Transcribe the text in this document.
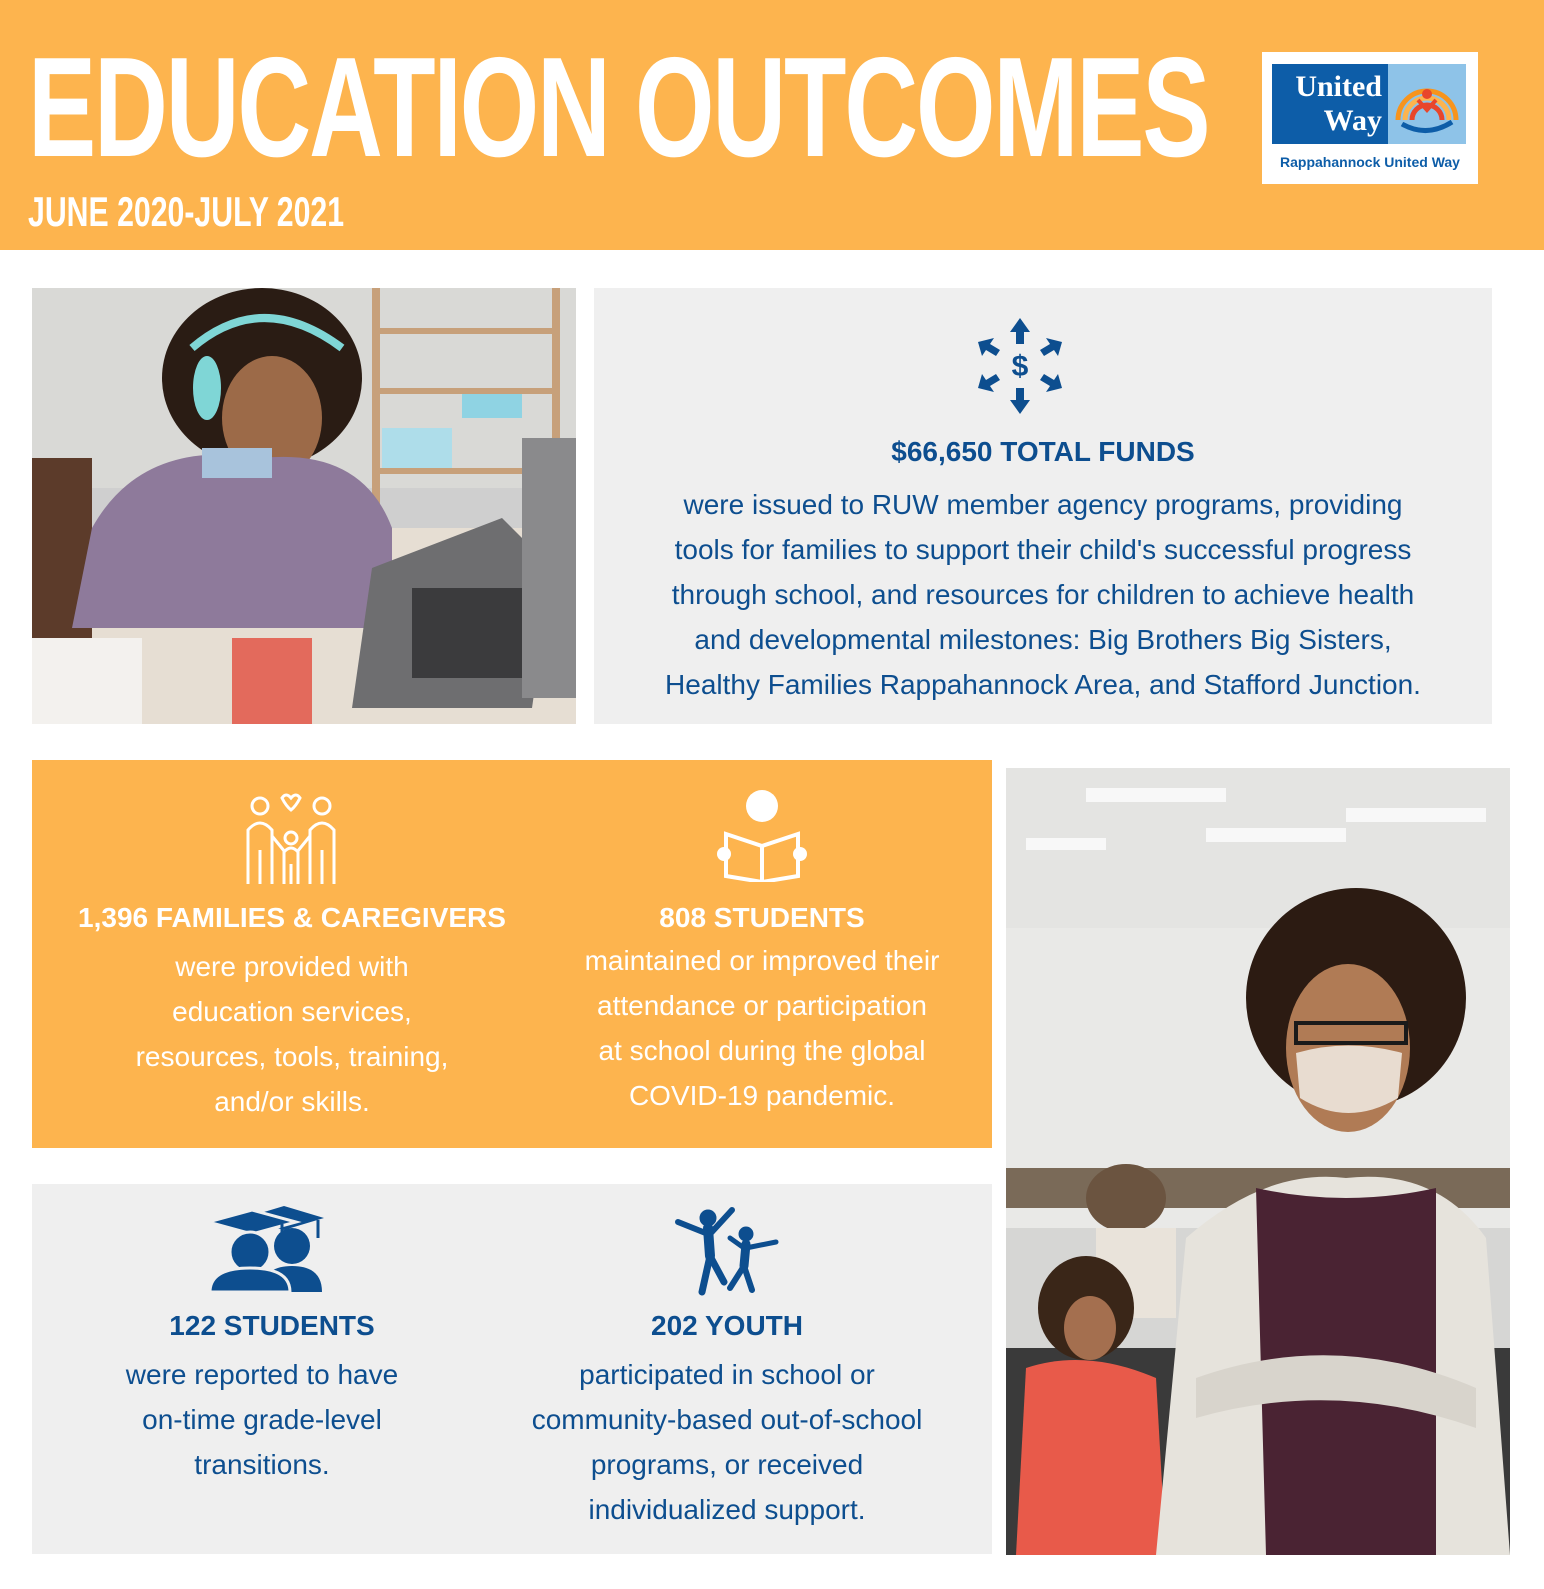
EDUCATION OUTCOMES
JUNE 2020-JULY 2021
United
Way
Rappahannock United Way
$
$66,650 TOTAL FUNDS
were issued to RUW member agency programs, providing
tools for families to support their child's successful progress
through school, and resources for children to achieve health
and developmental milestones: Big Brothers Big Sisters,
Healthy Families Rappahannock Area, and Stafford Junction.
1,396 FAMILIES & CAREGIVERS
were provided with
education services,
resources, tools, training,
and/or skills.
808 STUDENTS
maintained or improved their
attendance or participation
at school during the global
COVID-19 pandemic.
122 STUDENTS
were reported to have
on-time grade-level
transitions.
202 YOUTH
participated in school or
community-based out-of-school
programs, or received
individualized support.
